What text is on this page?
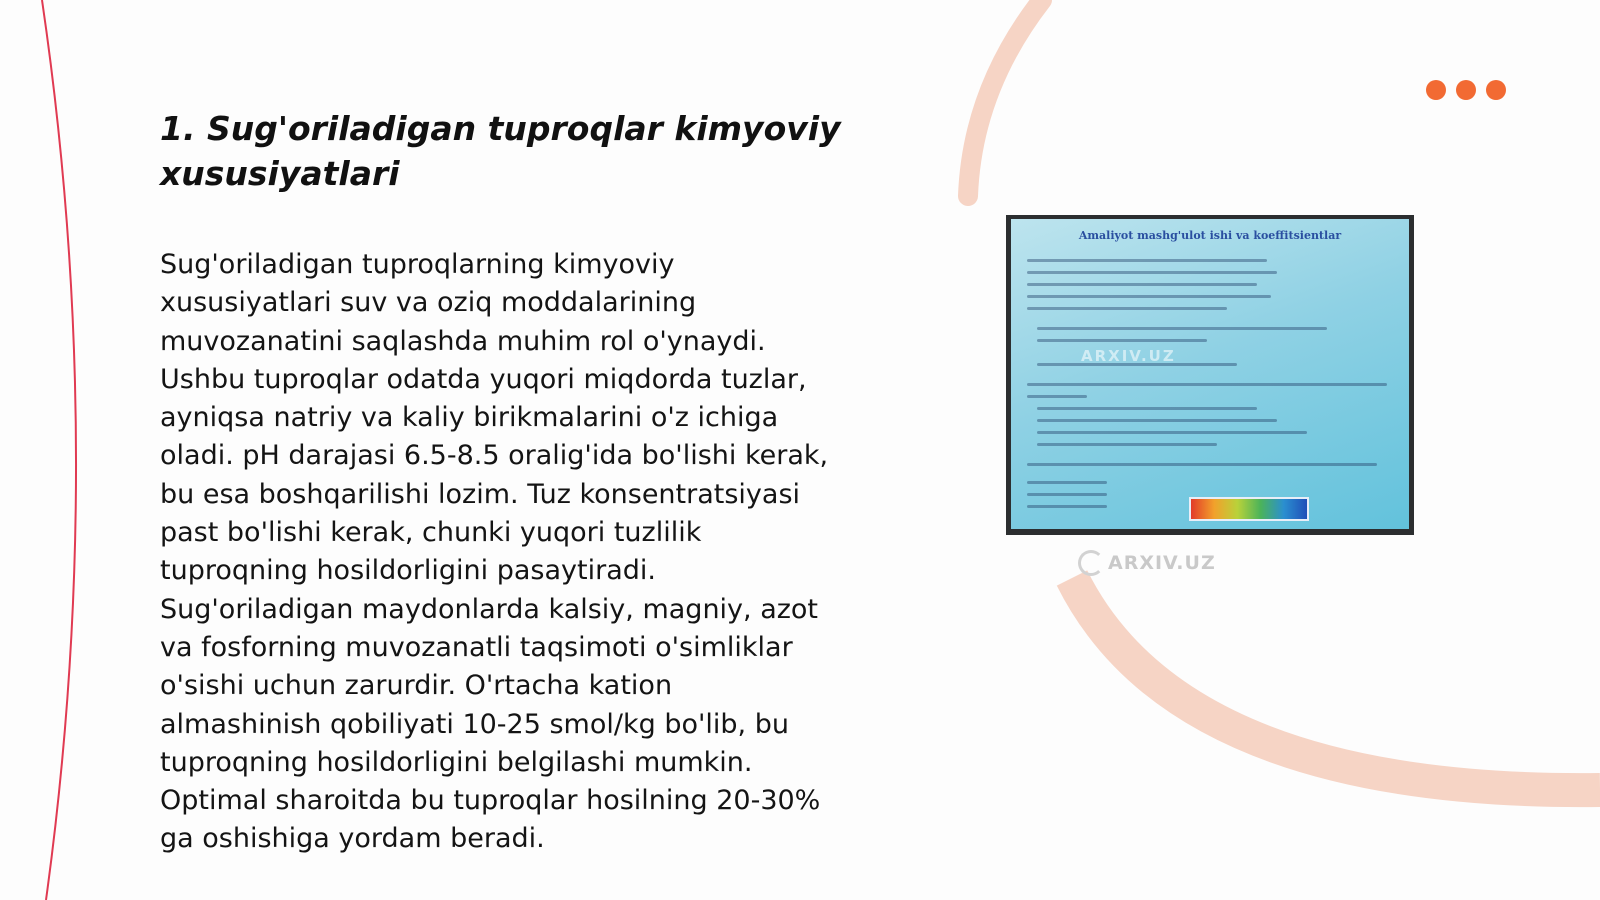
1. Sug'oriladigan tuproqlar kimyoviy xususiyatlari

Sug'oriladigan tuproqlarning kimyoviy xususiyatlari suv va oziq moddalarining muvozanatini saqlashda muhim rol o'ynaydi. Ushbu tuproqlar odatda yuqori miqdorda tuzlar, ayniqsa natriy va kaliy birikmalarini o'z ichiga oladi. pH darajasi 6.5-8.5 oralig'ida bo'lishi kerak, bu esa boshqarilishi lozim. Tuz konsentratsiyasi past bo'lishi kerak, chunki yuqori tuzlilik tuproqning hosildorligini pasaytiradi. Sug'oriladigan maydonlarda kalsiy, magniy, azot va fosforning muvozanatli taqsimoti o'simliklar o'sishi uchun zarurdir. O'rtacha kation almashinish qobiliyati 10-25 smol/kg bo'lib, bu tuproqning hosildorligini belgilashi mumkin. Optimal sharoitda bu tuproqlar hosilning 20-30% ga oshishiga yordam beradi.

Amaliyot mashg'ulot ishi va koeffitsientlar

ARXIV.UZ
ARXIV.UZ
